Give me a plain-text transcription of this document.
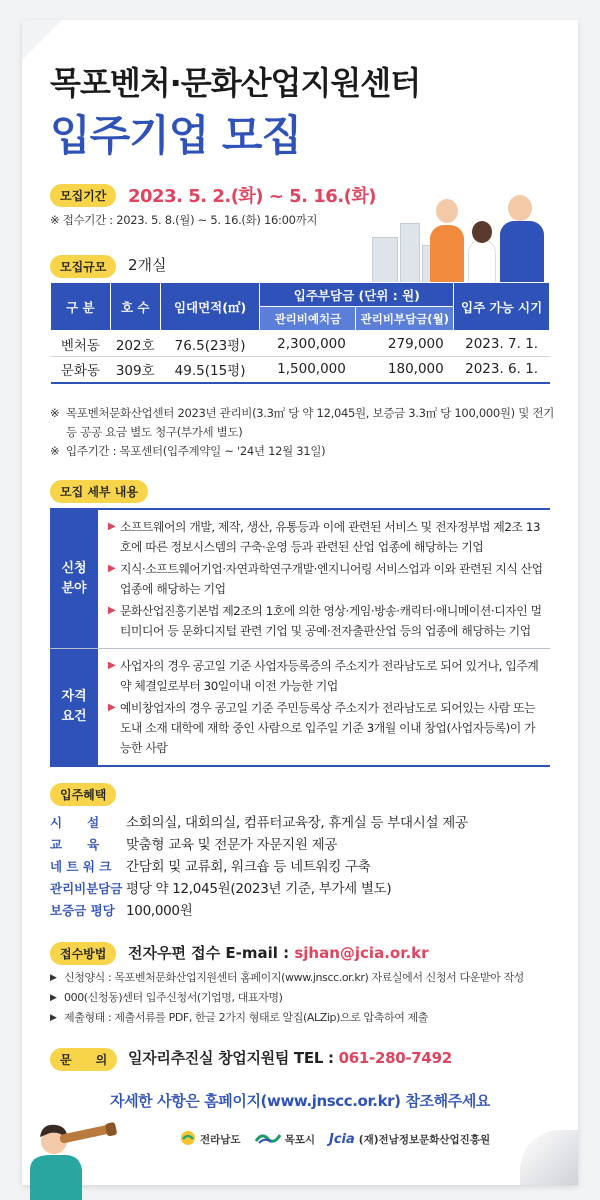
목포벤처·문화산업지원센터
입주기업 모집
모집기간	2023. 5. 2.(화) ~ 5. 16.(화)
※ 접수기간 : 2023. 5. 8.(월) ~ 5. 16.(화) 16:00까지
모집규모	2개실
구 분	호 수	임대면적(㎡)	입주부담금 (단위 : 원)		입주 가능 시기
			관리비예치금	관리비부담금(월)	
벤처동	202호	76.5(23평)	2,300,000	279,000	2023. 7. 1.
문화동	309호	49.5(15평)	1,500,000	180,000	2023. 6. 1.
※ 목포벤처문화산업센터 2023년 관리비(3.3㎡ 당 약 12,045원, 보증금 3.3㎡ 당 100,000원) 및 전기 등 공공 요금 별도 청구(부가세 별도)
※ 입주기간 : 목포센터(입주계약일 ~ '24년 12월 31일)
모집 세부 내용
신청
분야
▶ 소프트웨어의 개발, 제작, 생산, 유통등과 이에 관련된 서비스 및 전자정부법 제2조 13호에 따른 정보시스템의 구축·운영 등과 관련된 산업 업종에 해당하는 기업
▶ 지식·소프트웨어기업·자연과학연구개발·엔지니어링 서비스업과 이와 관련된 지식 산업 업종에 해당하는 기업
▶ 문화산업진흥기본법 제2조의 1호에 의한 영상·게임·방송·캐릭터·애니메이션·디자인 멀티미디어 등 문화디지털 관련 기업 및 공예·전자출판산업 등의 업종에 해당하는 기업
자격
요건
▶ 사업자의 경우 공고일 기준 사업자등록증의 주소지가 전라남도로 되어 있거나, 입주계약 체결일로부터 30일이내 이전 가능한 기업
▶ 예비창업자의 경우 공고일 기준 주민등록상 주소지가 전라남도로 되어있는 사람 또는 도내 소재 대학에 재학 중인 사람으로 입주일 기준 3개월 이내 창업(사업자등록)이 가능한 사람
입주혜택
시　　설	소회의실, 대회의실, 컴퓨터교육장, 휴게실 등 부대시설 제공
교　　육	맞춤형 교육 및 전문가 자문지원 제공
네 트 워 크	간담회 및 교류회, 워크숍 등 네트워킹 구축
관리비분담금 평당 약 12,045원(2023년 기준, 부가세 별도)
보증금 평당 100,000원
접수방법	전자우편 접수 E-mail : sjhan@jcia.or.kr
▶ 신청양식 : 목포벤처문화산업지원센터 홈페이지(www.jnscc.or.kr) 자료실에서 신청서 다운받아 작성
▶ 000(신청동)센터 입주신청서(기업명, 대표자명)
▶ 제출형태 : 제출서류를 PDF, 한글 2가지 형태로 알집(ALZip)으로 압축하여 제출
문　　의	일자리추진실 창업지원팀 TEL : 061-280-7492
자세한 사항은 홈페이지(www.jnscc.or.kr) 참조해주세요
전라남도	목포시 Jcia (재)전남정보문화산업진흥원
